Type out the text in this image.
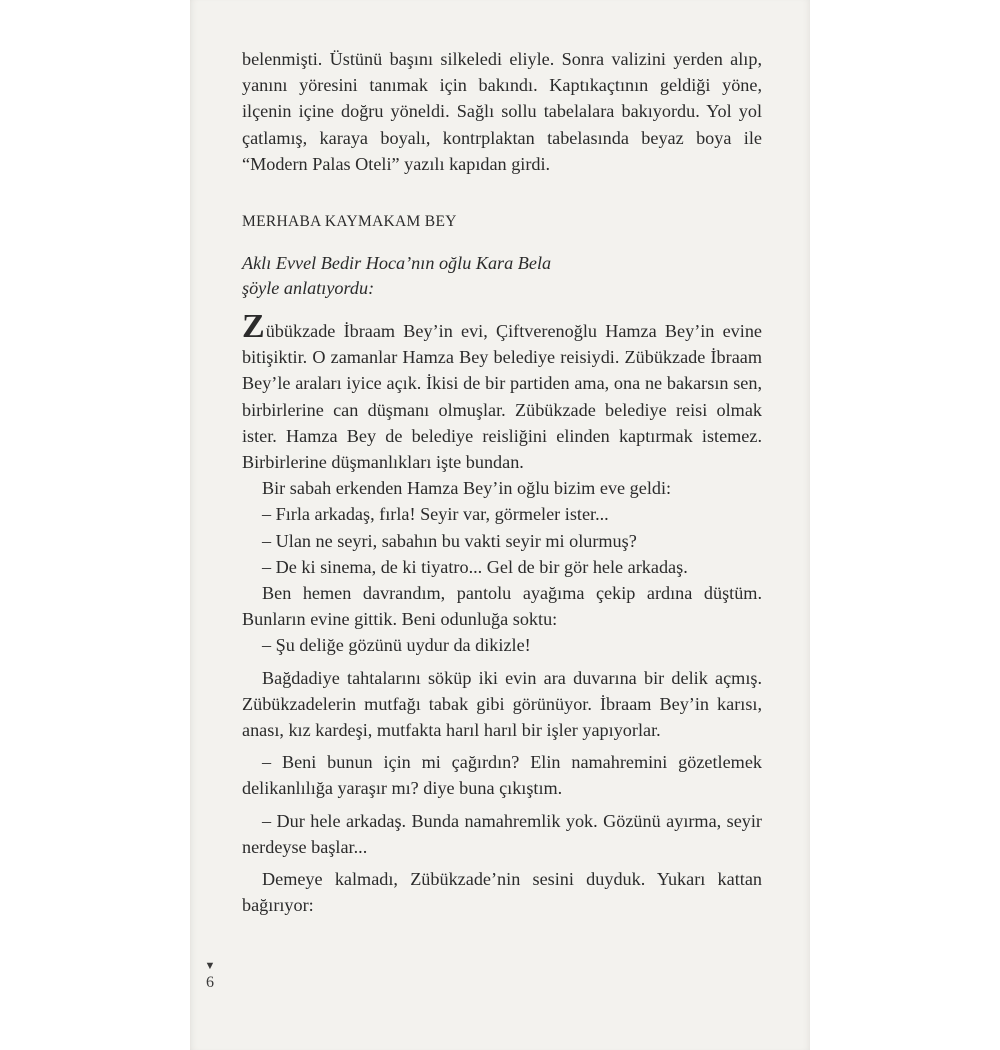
belenmişti. Üstünü başını silkeledi eliyle. Sonra valizini yerden alıp, yanını yöresini tanımak için bakındı. Kaptıkaçtının geldiği yöne, ilçenin içine doğru yöneldi. Sağlı sollu tabelalara bakıyordu. Yol yol çatlamış, karaya boyalı, kontrplaktan tabelasında beyaz boya ile “Modern Palas Oteli” yazılı kapıdan girdi.

MERHABA KAYMAKAM BEY

Aklı Evvel Bedir Hoca’nın oğlu Kara Bela
şöyle anlatıyordu:

Zübükzade İbraam Bey’in evi, Çiftverenoğlu Hamza Bey’in evine bitişiktir. O zamanlar Hamza Bey belediye reisiydi. Zübükzade İbraam Bey’le araları iyice açık. İkisi de bir partiden ama, ona ne bakarsın sen, birbirlerine can düşmanı olmuşlar. Zübükzade belediye reisi olmak ister. Hamza Bey de belediye reisliğini elinden kaptırmak istemez. Birbirlerine düşmanlıkları işte bundan.

Bir sabah erkenden Hamza Bey’in oğlu bizim eve geldi:

– Fırla arkadaş, fırla! Seyir var, görmeler ister...

– Ulan ne seyri, sabahın bu vakti seyir mi olurmuş?

– De ki sinema, de ki tiyatro... Gel de bir gör hele arkadaş.

Ben hemen davrandım, pantolu ayağıma çekip ardına düştüm. Bunların evine gittik. Beni odunluğa soktu:

– Şu deliğe gözünü uydur da dikizle!

Bağdadiye tahtalarını söküp iki evin ara duvarına bir delik açmış. Zübükzadelerin mutfağı tabak gibi görünüyor. İbraam Bey’in karısı, anası, kız kardeşi, mutfakta harıl harıl bir işler yapıyorlar.

– Beni bunun için mi çağırdın? Elin namahremini gözetlemek delikanlılığa yaraşır mı? diye buna çıkıştım.

– Dur hele arkadaş. Bunda namahremlik yok. Gözünü ayırma, seyir nerdeyse başlar...

Demeye kalmadı, Zübükzade’nin sesini duyduk. Yukarı kattan bağırıyor:

▼
6
